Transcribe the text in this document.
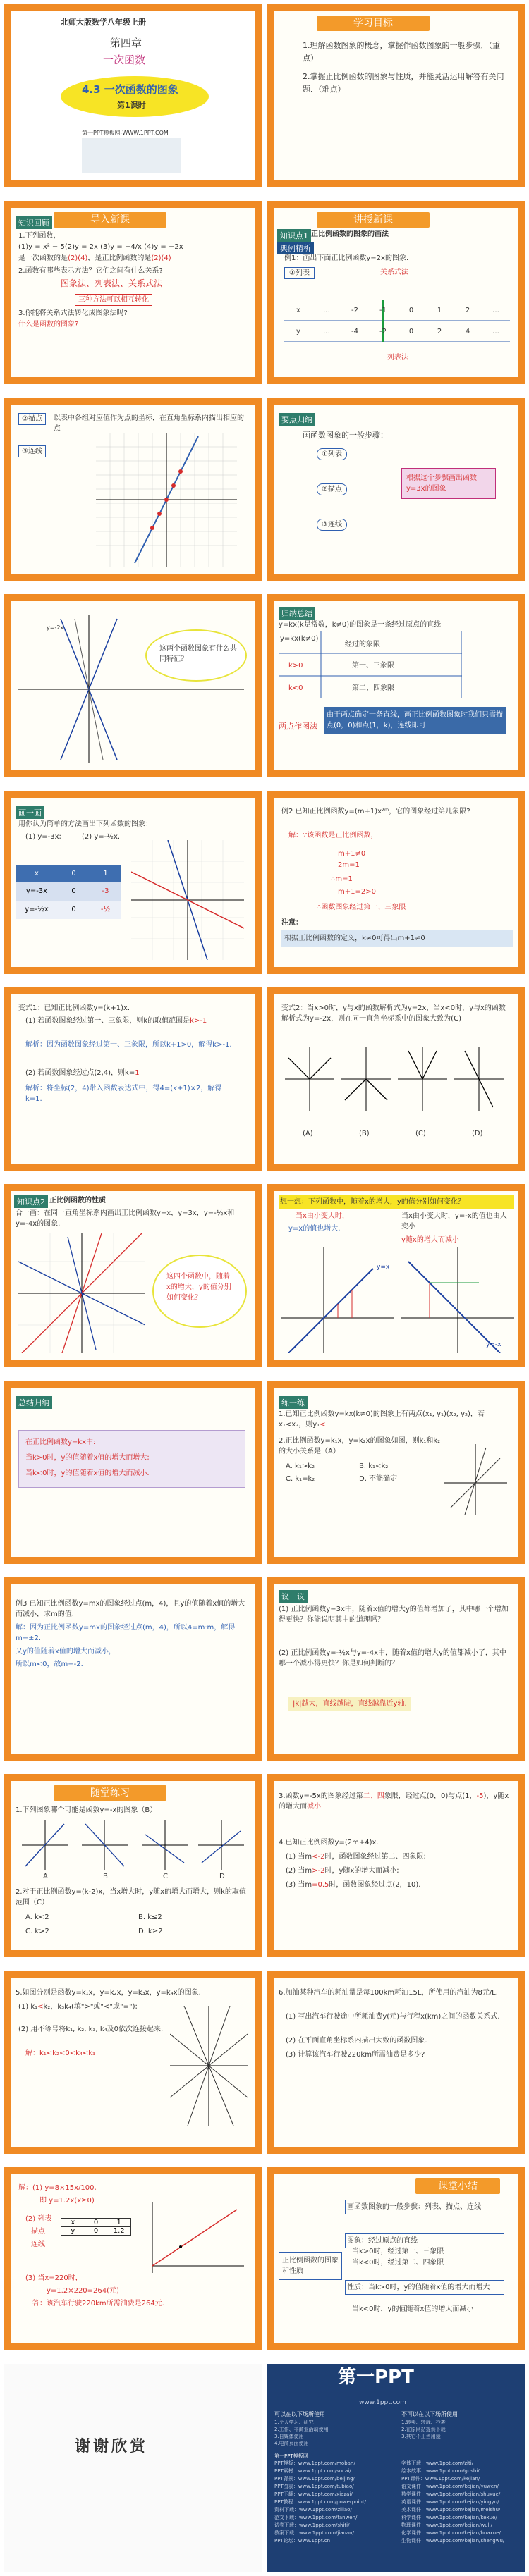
北师大版数学八年级上册
第四章
一次函数
4.3 一次函数的图象
第1课时
第一PPT模板网-WWW.1PPT.COM
学习目标
1.理解函数图象的概念，掌握作函数图象的一般步骤．（重点）
2.掌握正比例函数的图象与性质，并能灵活运用解答有关问题．（难点）
导入新课
知识回顾
1.下列函数，
(1)y = x² − 5(2)y = 2x (3)y = −4/x (4)y = −2x
是一次函数的是(2)(4)，是正比例函数的是(2)(4)
2.函数有哪些表示方法？它们之间有什么关系?
图象法、列表法、关系式法
三种方法可以相互转化
3.你能将关系式法转化成图象法吗?
什么是函数的图象?
讲授新课
知识点1 正比例函数的图象的画法
典例精析
例1：画出下面正比例函数y=2x的图象.
①列表	关系式法
x	…	-2	-1	0	1	2	…
y	…	-4	-2	0	2	4	…
列表法
②描点	以表中各组对应值作为点的坐标，在直角坐标系内描出相应的点
③连线
要点归纳
画函数图象的一般步骤：
①列表
②描点
③连线
根据这个步骤画出函数y=3x的图象
y=-2x
这两个函数图象有什么共同特征？
归纳总结
y=kx(k是常数，k≠0)的图象是一条经过原点的直线
经过的象限
y=kx(k≠0)
k>0	第一、三象限
k<0	第二、四象限
两点作图法
由于两点确定一条直线，画正比例函数图象时我们只需描点(0，0)和点(1，k)，连线即可
画一画
用你认为简单的方法画出下列函数的图象：
(1) y=-3x;	(2) y=-½x.
x	0	1
y=-3x	0	-3
y=-½x	0	-½
例2 已知正比例函数y=(m+1)x²ᵐ，它的图象经过第几象限?
解：∵该函数是正比例函数，
m+1≠0
2m=1
∴m=1
m+1=2>0
∴函数图象经过第一、三象限
注意：
根据正比例函数的定义，k≠0可得出m+1≠0
变式1：已知正比例函数y=(k+1)x.
(1) 若函数图象经过第一、三象限，则k的取值范围是k>-1
解析：因为函数图象经过第一、三象限，所以k+1>0，解得k>-1.
(2) 若函数图象经过点(2,4)，则k=1
解析：将坐标(2，4)带入函数表达式中，得4=(k+1)×2，解得k=1.
变式2：当x>0时，y与x的函数解析式为y=2x，当x<0时，y与x的函数解析式为y=-2x，则在同一直角坐标系中的图象大致为(C)
(A)	(B)	(C)	(D)
知识点2 正比例函数的性质
合一画：在同一直角坐标系内画出正比例函数y=x，y=3x，y=-½x和y=-4x的图象.
这四个函数中，随着x的增大，y的值分别如何变化？
想一想：下列函数中，随着x的增大，y的值分别如何变化？
当x由小变大时，
y=x的值也增大.
当x由小变大时，y=-x的值也由大变小
y随x的增大而减小
y=x
y=-x
总结归纳
在正比例函数y=kx中:
当k>0时，y的值随着x值的增大而增大;
当k<0时，y的值随着x值的增大而减小.
练一练
1.已知正比例函数y=kx(k≠0)的图象上有两点(x₁, y₁)(x₂, y₂)，若x₁<x₂，则y₁<
2.正比例函数y=k₁x，y=k₂x的图象如图，则k₁和k₂的大小关系是（A）
A. k₁>k₂	B. k₁<k₂
C. k₁=k₂	D. 不能确定
例3 已知正比例函数y=mx的图象经过点(m，4)，且y的值随着x值的增大而减小，求m的值.
解：因为正比例函数y=mx的图象经过点(m，4)，所以4=m·m，解得m=±2.
又y的值随着x值的增大而减小，
所以m<0，故m=-2.
议一议
(1) 正比例函数y=3x中，随着x值的增大y的值都增加了，其中哪一个增加得更快？你能说明其中的道理吗？
(2) 正比例函数y=-½x与y=-4x中，随着x值的增大y的值都减小了，其中哪一个减小得更快？你是如何判断的？
|k|越大，直线越陡，直线越靠近y轴.
随堂练习
1.下列图象哪个可能是函数y=-x的图象（B）
A	B	C	D
2.对于正比例函数y=(k-2)x，当x增大时，y随x的增大而增大，则k的取值范围（C）
A. k<2	B. k≤2
C. k>2	D. k≥2
3.函数y=-5x的图象经过第二、四象限，经过点(0，0)与点(1，-5)，y随x的增大而减小
4.已知正比例函数y=(2m+4)x.
(1) 当m<-2时，函数图象经过第二、四象限;
(2) 当m>-2时，y随x的增大而减小;
(3) 当m=0.5时，函数图象经过点(2，10).
5.如图分别是函数y=k₁x，y=k₂x，y=k₃x，y=k₄x的图象.
(1) k₁<k₂，k₃k₄(填">"或"<"或"=");
(2) 用不等号将k₁, k₂, k₃, k₄及0依次连接起来.
解：k₁<k₂<0<k₄<k₃
6.加油某种汽车的耗油量是每100km耗油15L，所使用的汽油为8元/L.
(1) 写出汽车行驶途中所耗油费y(元)与行程x(km)之间的函数关系式.
(2) 在平面直角坐标系内描出大致的函数图象.
(3) 计算该汽车行驶220km所需油费是多少?
解：(1) y=8×15x/100,
即 y=1.2x(x≥0)
(2) 列表
描点
连线
x	0	1
y	0	1.2
(3) 当x=220时，
y=1.2×220=264(元)
答：该汽车行驶220km所需油费是264元.
课堂小结
正比例函数的图象和性质
画函数图象的一般步骤：列表、描点、连线
图象：经过原点的直线
当k>0时，经过第一、三象限
当k<0时，经过第二、四象限
性质：当k>0时，y的值随着x值的增大而增大
当k<0时，y的值随着x值的增大而减小
谢谢欣赏
第一PPT
www.1ppt.com
可以在以下场所使用	不可以在以下场所使用
1.个人学习、研究
2.工作、非商业活动使用
3.自媒体使用
4.电商页面使用
1.转卖、转载、抄袭
2.在原网站提供下载
3.其它不正当用途
第一PPT模板网
PPT模板：www.1ppt.com/moban/
PPT素材：www.1ppt.com/sucai/
PPT背景：www.1ppt.com/beijing/
PPT图表：www.1ppt.com/tubiao/
PPT下载：www.1ppt.com/xiazai/
PPT教程：www.1ppt.com/powerpoint/
资料下载：www.1ppt.com/ziliao/
范文下载：www.1ppt.com/fanwen/
试卷下载：www.1ppt.com/shiti/
教案下载：www.1ppt.com/jiaoan/
PPT论坛：www.1ppt.cn
字体下载：www.1ppt.com/ziti/
绘本故事：www.1ppt.com/gushi/
PPT课件：www.1ppt.com/kejian/
语文课件：www.1ppt.com/kejian/yuwen/
数学课件：www.1ppt.com/kejian/shuxue/
英语课件：www.1ppt.com/kejian/yingyu/
美术课件：www.1ppt.com/kejian/meishu/
科学课件：www.1ppt.com/kejian/kexue/
物理课件：www.1ppt.com/kejian/wuli/
化学课件：www.1ppt.com/kejian/huaxue/
生物课件：www.1ppt.com/kejian/shengwu/
